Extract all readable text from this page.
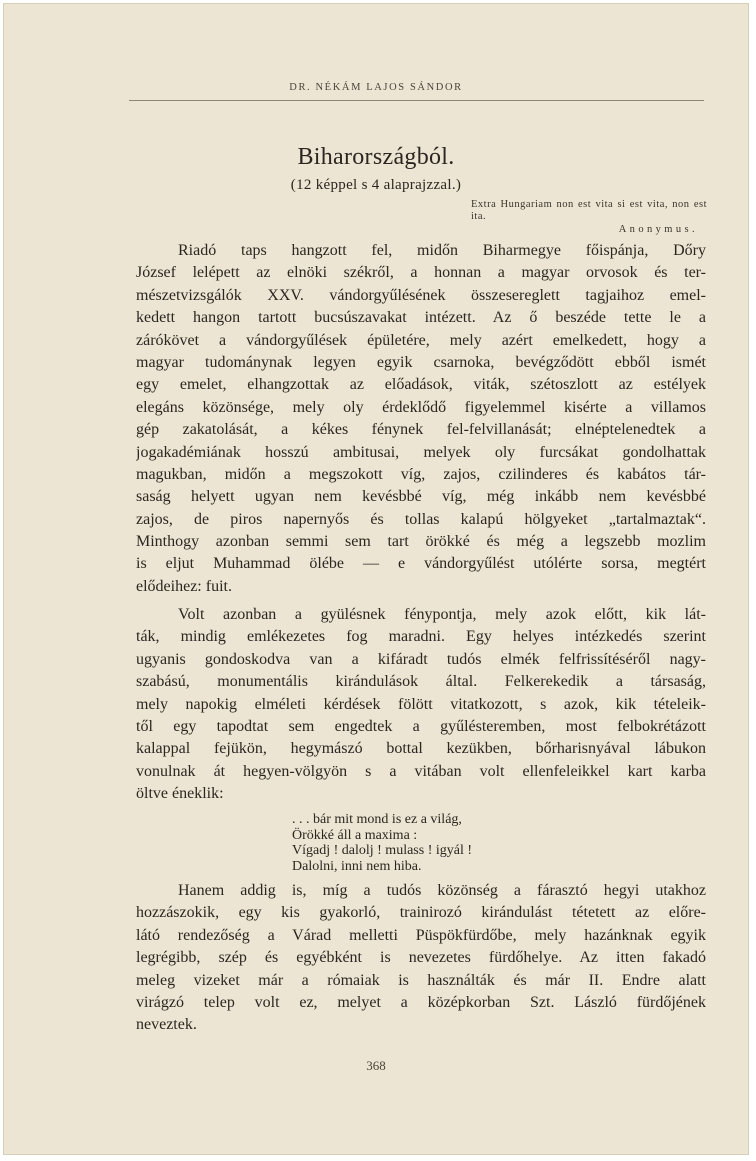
DR. NÉKÁM LAJOS SÁNDOR
Biharországból.
(12 képpel s 4 alaprajzzal.)
Extra Hungariam non est vita si est vita, non est ita.
Anonymus.
Riadó taps hangzott fel, midőn Biharmegye főispánja, Dőry
József lelépett az elnöki székről, a honnan a magyar orvosok és ter-
mészetvizsgálók XXV. vándorgyűlésének összesereglett tagjaihoz emel-
kedett hangon tartott bucsúszavakat intézett. Az ő beszéde tette le a
zárókövet a vándorgyűlések épületére, mely azért emelkedett, hogy a
magyar tudománynak legyen egyik csarnoka, bevégződött ebből ismét
egy emelet, elhangzottak az előadások, viták, szétoszlott az estélyek
elegáns közönsége, mely oly érdeklődő figyelemmel kisérte a villamos
gép zakatolását, a kékes fénynek fel-felvillanását; elnéptelenedtek a
jogakadémiának hosszú ambitusai, melyek oly furcsákat gondolhattak
magukban, midőn a megszokott víg, zajos, czilinderes és kabátos tár-
saság helyett ugyan nem kevésbbé víg, még inkább nem kevésbbé
zajos, de piros napernyős és tollas kalapú hölgyeket „tartalmaztak“.
Minthogy azonban semmi sem tart örökké és még a legszebb mozlim
is eljut Muhammad ölébe — e vándorgyűlést utólérte sorsa, megtért
elődeihez: fuit.
Volt azonban a gyülésnek fénypontja, mely azok előtt, kik lát-
ták, mindig emlékezetes fog maradni. Egy helyes intézkedés szerint
ugyanis gondoskodva van a kifáradt tudós elmék felfrissítéséről nagy-
szabású, monumentális kirándulások által. Felkerekedik a társaság,
mely napokig elméleti kérdések fölött vitatkozott, s azok, kik tételeik-
től egy tapodtat sem engedtek a gyűlésteremben, most felbokrétázott
kalappal fejükön, hegymászó bottal kezükben, bőrharisnyával lábukon
vonulnak át hegyen-völgyön s a vitában volt ellenfeleikkel kart karba
öltve éneklik:
. . . bár mit mond is ez a világ,
Örökké áll a maxima :
Vígadj ! dalolj ! mulass ! igyál !
Dalolni, inni nem hiba.
Hanem addig is, míg a tudós közönség a fárasztó hegyi utakhoz
hozzászokik, egy kis gyakorló, trainirozó kirándulást tétetett az előre-
látó rendezőség a Várad melletti Püspökfürdőbe, mely hazánknak egyik
legrégibb, szép és egyébként is nevezetes fürdőhelye. Az itten fakadó
meleg vizeket már a rómaiak is használták és már II. Endre alatt
virágzó telep volt ez, melyet a középkorban Szt. László fürdőjének
neveztek.
368
